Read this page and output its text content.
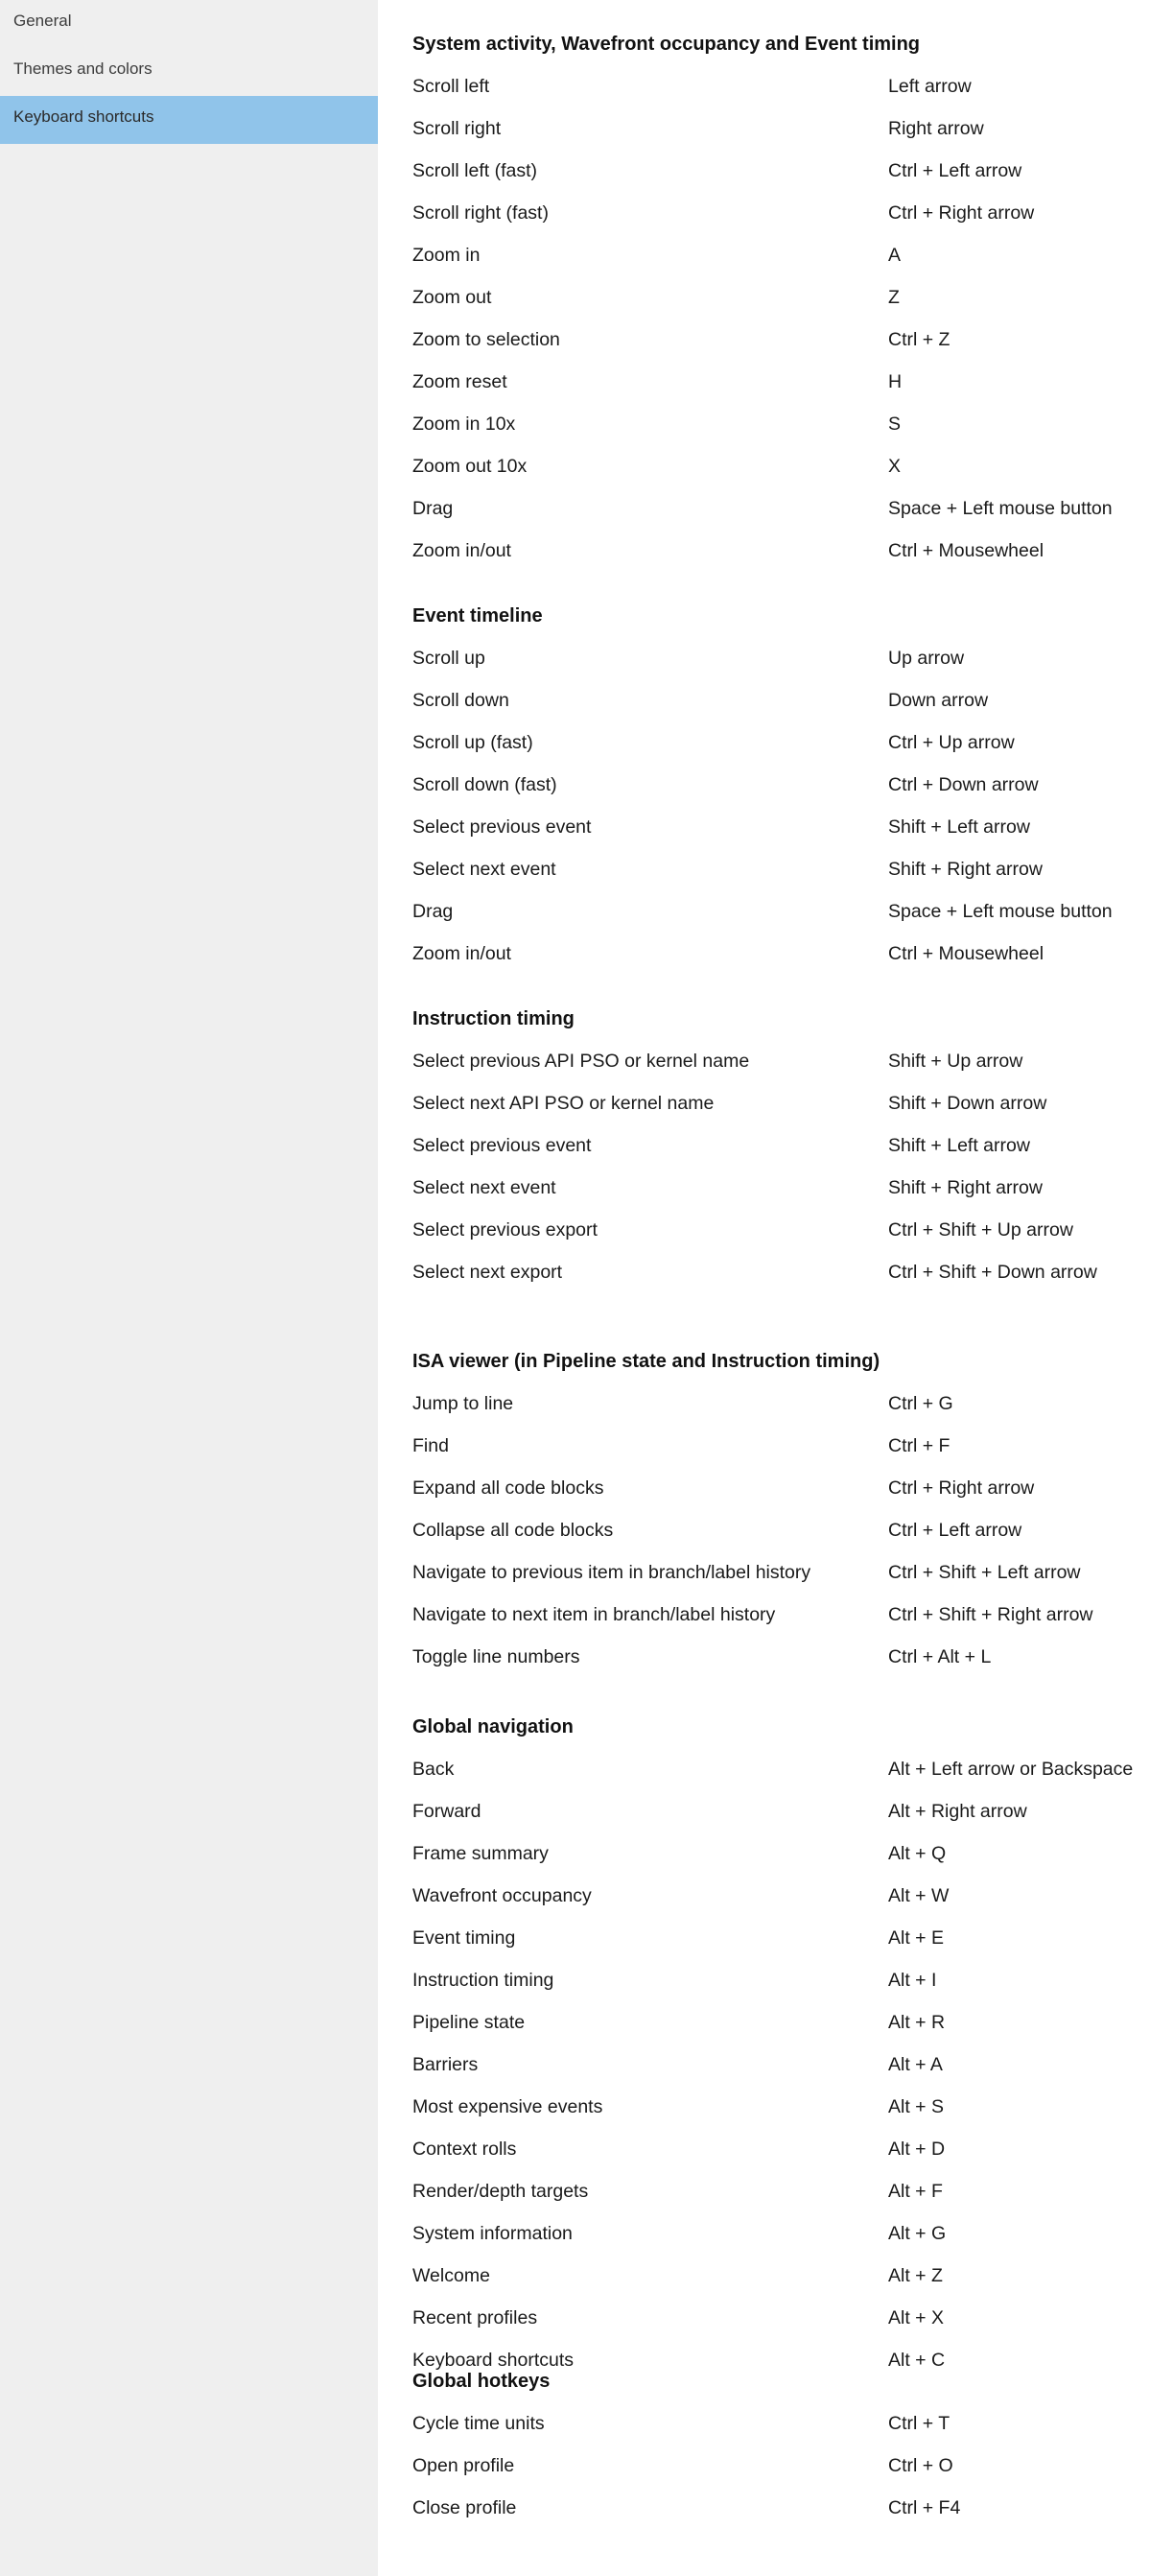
General
Themes and colors
Keyboard shortcuts
System activity, Wavefront occupancy and Event timing
Scroll left	Left arrow
Scroll right	Right arrow
Scroll left (fast)	Ctrl + Left arrow
Scroll right (fast)	Ctrl + Right arrow
Zoom in	A
Zoom out	Z
Zoom to selection	Ctrl + Z
Zoom reset	H
Zoom in 10x	S
Zoom out 10x	X
Drag	Space + Left mouse button
Zoom in/out	Ctrl + Mousewheel
Event timeline
Scroll up	Up arrow
Scroll down	Down arrow
Scroll up (fast)	Ctrl + Up arrow
Scroll down (fast)	Ctrl + Down arrow
Select previous event	Shift + Left arrow
Select next event	Shift + Right arrow
Drag	Space + Left mouse button
Zoom in/out	Ctrl + Mousewheel
Instruction timing
Select previous API PSO or kernel name	Shift + Up arrow
Select next API PSO or kernel name	Shift + Down arrow
Select previous event	Shift + Left arrow
Select next event	Shift + Right arrow
Select previous export	Ctrl + Shift + Up arrow
Select next export	Ctrl + Shift + Down arrow
ISA viewer (in Pipeline state and Instruction timing)
Jump to line	Ctrl + G
Find	Ctrl + F
Expand all code blocks	Ctrl + Right arrow
Collapse all code blocks	Ctrl + Left arrow
Navigate to previous item in branch/label history	Ctrl + Shift + Left arrow
Navigate to next item in branch/label history	Ctrl + Shift + Right arrow
Toggle line numbers	Ctrl + Alt + L
Global navigation
Back	Alt + Left arrow or Backspace
Forward	Alt + Right arrow
Frame summary	Alt + Q
Wavefront occupancy	Alt + W
Event timing	Alt + E
Instruction timing	Alt + I
Pipeline state	Alt + R
Barriers	Alt + A
Most expensive events	Alt + S
Context rolls	Alt + D
Render/depth targets	Alt + F
System information	Alt + G
Welcome	Alt + Z
Recent profiles	Alt + X
Keyboard shortcuts	Alt + C
Global hotkeys
Cycle time units	Ctrl + T
Open profile	Ctrl + O
Close profile	Ctrl + F4
